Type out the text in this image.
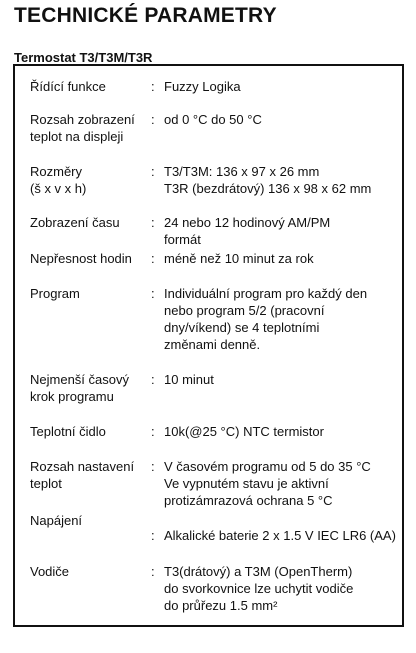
TECHNICKÉ PARAMETRY
Termostat T3/T3M/T3R
Řídící funkce	: Fuzzy Logika
Rozsah zobrazení
teplot na displeji
: od 0 °C do 50 °C
Rozměry
(š x v x h)
: T3/T3M: 136 x 97 x 26 mm
T3R (bezdrátový) 136 x 98 x 62 mm
Zobrazení času	: 24 nebo 12 hodinový AM/PM
formát
Nepřesnost hodin	: méně než 10 minut za rok
Program	: Individuální program pro každý den
nebo program 5/2 (pracovní
dny/víkend) se 4 teplotními
změnami denně.
Nejmenší časový
krok programu
: 10 minut
Teplotní čidlo	: 10k(@25 °C) NTC termistor
Rozsah nastavení
teplot
: V časovém programu od 5 do 35 °C
Ve vypnutém stavu je aktivní
protizámrazová ochrana 5 °C
Napájení
: Alkalické baterie 2 x 1.5 V IEC LR6 (AA)
Vodiče	: T3(drátový) a T3M (OpenTherm)
do svorkovnice lze uchytit vodiče
do průřezu 1.5 mm²
